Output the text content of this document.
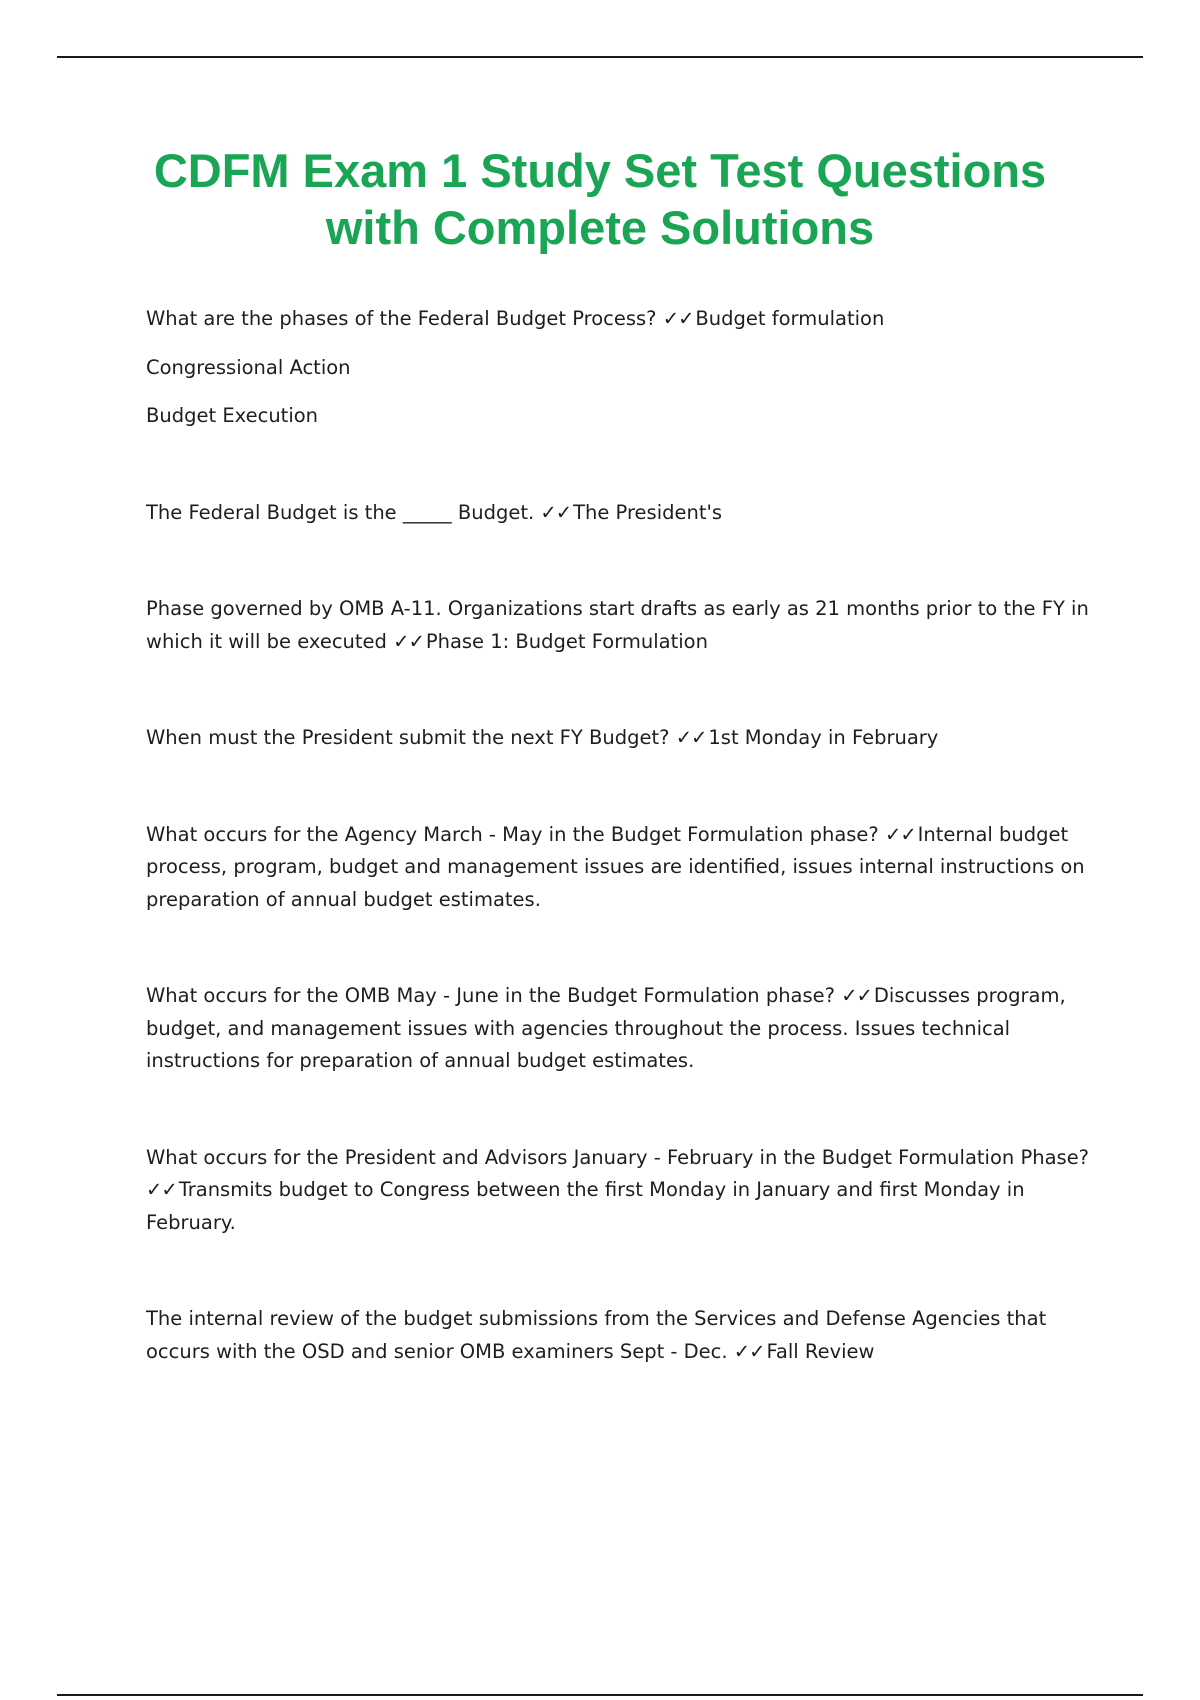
CDFM Exam 1 Study Set Test Questions
with Complete Solutions

What are the phases of the Federal Budget Process? ✓✓ Budget formulation

Congressional Action

Budget Execution

The Federal Budget is the _____ Budget. ✓✓ The President's

Phase governed by OMB A-11. Organizations start drafts as early as 21 months prior to the FY in which it will be executed ✓✓ Phase 1: Budget Formulation

When must the President submit the next FY Budget? ✓✓ 1st Monday in February

What occurs for the Agency March - May in the Budget Formulation phase? ✓✓ Internal budget process, program, budget and management issues are identified, issues internal instructions on preparation of annual budget estimates.

What occurs for the OMB May - June in the Budget Formulation phase? ✓✓ Discusses program, budget, and management issues with agencies throughout the process. Issues technical instructions for preparation of annual budget estimates.

What occurs for the President and Advisors January - February in the Budget Formulation Phase? ✓✓ Transmits budget to Congress between the first Monday in January and first Monday in February.

The internal review of the budget submissions from the Services and Defense Agencies that occurs with the OSD and senior OMB examiners Sept - Dec. ✓✓ Fall Review
